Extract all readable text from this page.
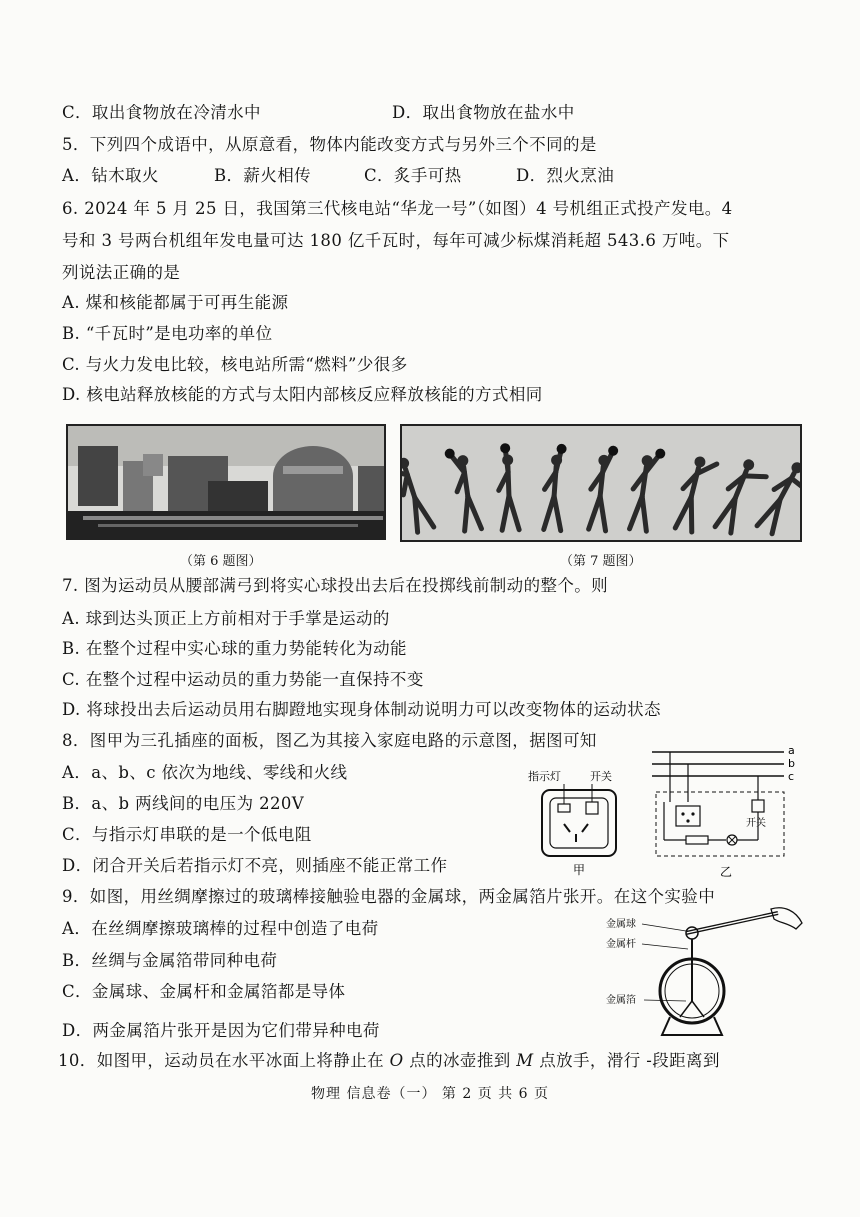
C．取出食物放在冷清水中	D．取出食物放在盐水中
5．下列四个成语中，从原意看，物体内能改变方式与另外三个不同的是
A．钻木取火	B．薪火相传	C．炙手可热	D．烈火烹油
6. 2024 年 5 月 25 日，我国第三代核电站“华龙一号”（如图）4 号机组正式投产发电。4
号和 3 号两台机组年发电量可达 180 亿千瓦时，每年可减少标煤消耗超 543.6 万吨。下
列说法正确的是
A. 煤和核能都属于可再生能源
B. “千瓦时”是电功率的单位
C. 与火力发电比较，核电站所需“燃料”少很多
D. 核电站释放核能的方式与太阳内部核反应释放核能的方式相同
（第 6 题图）	（第 7 题图）
7. 图为运动员从腰部满弓到将实心球投出去后在投掷线前制动的整个。则
A. 球到达头顶正上方前相对于手掌是运动的
B. 在整个过程中实心球的重力势能转化为动能
C. 在整个过程中运动员的重力势能一直保持不变
D. 将球投出去后运动员用右脚蹬地实现身体制动说明力可以改变物体的运动状态
8．图甲为三孔插座的面板，图乙为其接入家庭电路的示意图，据图可知
A．a、b、c 依次为地线、零线和火线
B．a、b 两线间的电压为 220V
C．与指示灯串联的是一个低电阻
D．闭合开关后若指示灯不亮，则插座不能正常工作
指示灯	开关
甲
a
b
c
开关
乙
9．如图，用丝绸摩擦过的玻璃棒接触验电器的金属球，两金属箔片张开。在这个实验中
A．在丝绸摩擦玻璃棒的过程中创造了电荷
B．丝绸与金属箔带同种电荷
C．金属球、金属杆和金属箔都是导体
D．两金属箔片张开是因为它们带异种电荷
金属球
金属杆
金属箔
10．如图甲，运动员在水平冰面上将静止在 O 点的冰壶推到 M 点放手，滑行 -段距离到
物理 信息卷（一） 第 2 页 共 6 页
